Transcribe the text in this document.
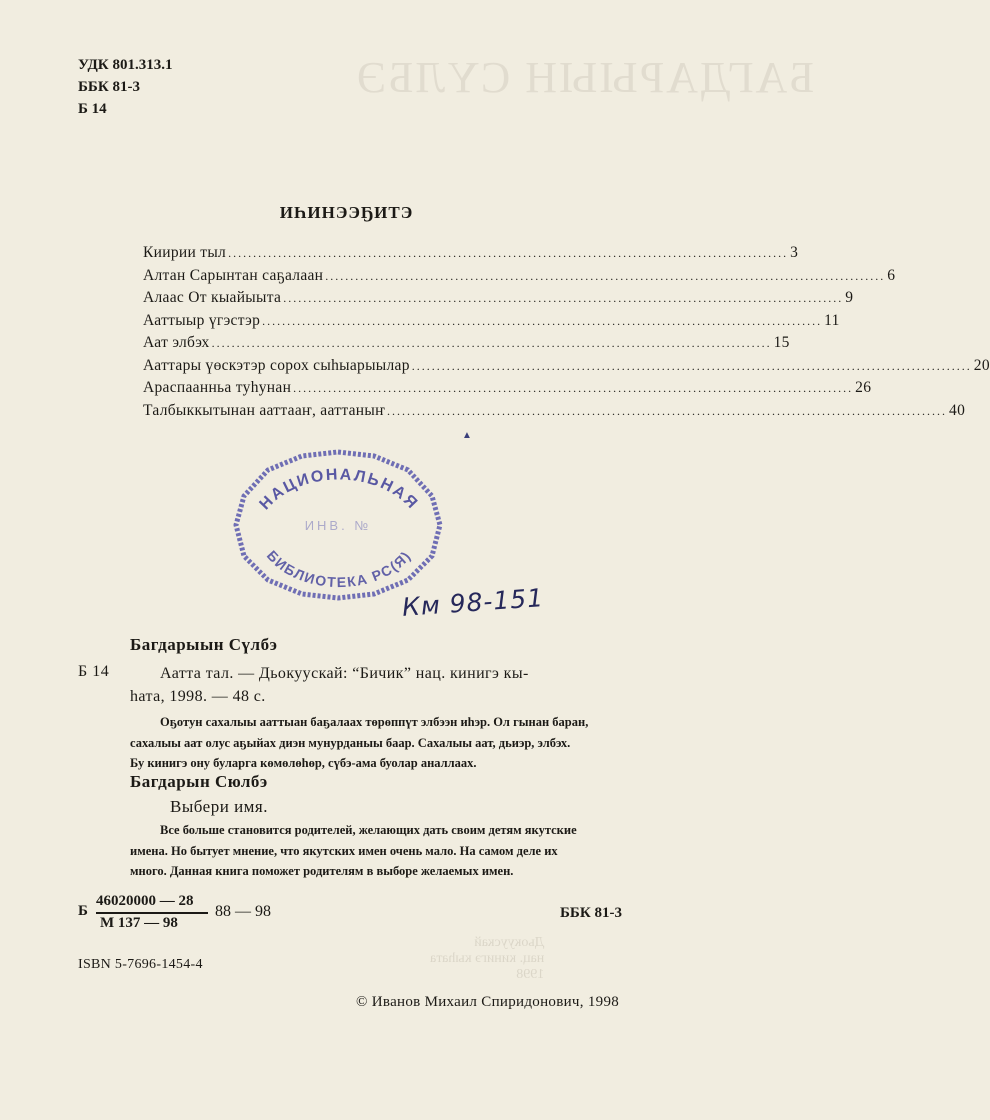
БАГДАРЫЫН СҮЛБЭ
Дьокуускай
нац. кинигэ кыһата
1998
УДК 801.313.1
ББК 81-3
Б 14
ИҺИНЭЭҔИТЭ
Киирии тыл ................................................................................................................ 3
Алтан Сарынтан саҕалаан ................................................................................................................ 6
Алаас От кыайыыта ................................................................................................................ 9
Ааттыыр үгэстэр ................................................................................................................ 11
Аат элбэх ................................................................................................................ 15
Ааттары үөскэтэр сорох сыһыарыылар ................................................................................................................ 20
Араспаанньа туһунан ................................................................................................................ 26
Талбыккытынан ааттааҥ, ааттаныҥ ................................................................................................................ 40
▲
НАЦИОНАЛЬНАЯ
ИНВ. №
БИБЛИОТЕКА РС(Я)
Км 98-151
Багдарыын Сүлбэ
Б 14	Аатта тал. — Дьокуускай: “Бичик” нац. кинигэ кы-
һата, 1998. — 48 с.
Оҕотун сахалыы ааттыан баҕалаах төрөппүт элбээн иһэр. Ол гынан баран,
сахалыы аат олус аҕыйах диэн мунурданыы баар. Сахалыы аат, дьиэр, элбэх.
Бу кинигэ ону буларга көмөлөһөр, сүбэ-ама буолар аналлаах.
Багдарын Сюлбэ
Выбери имя.
Все больше становится родителей, желающих дать своим детям якутские
имена. Но бытует мнение, что якутских имен очень мало. На самом деле их
много. Данная книга поможет родителям в выборе желаемых имен.
Б
46020000 — 28
М 137 — 98
88 — 98	ББК 81-3
ISBN 5-7696-1454-4
© Иванов Михаил Спиридонович, 1998
